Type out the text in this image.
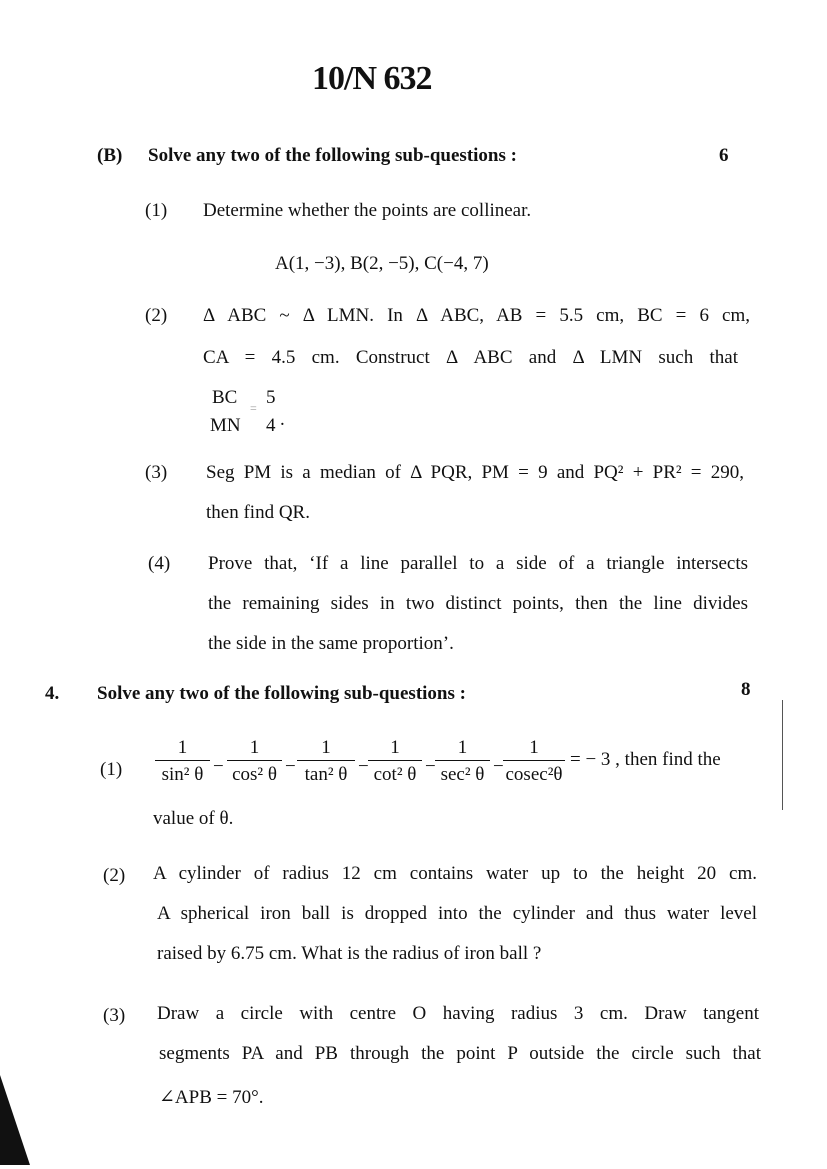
10/N 632
(B) Solve any two of the following sub-questions :	6
(1) Determine whether the points are collinear.
A(1, −3), B(2, −5), C(−4, 7)
(2) Δ ABC ~ Δ LMN. In Δ ABC, AB = 5.5 cm, BC = 6 cm,
CA = 4.5 cm. Construct Δ ABC and Δ LMN such that
BC
MN
= 5
4 .
(3) Seg PM is a median of Δ PQR, PM = 9 and PQ² + PR² = 290,
then find QR.
(4) Prove that, ‘If a line parallel to a side of a triangle intersects
the remaining sides in two distinct points, then the line divides
the side in the same proportion’.
4. Solve any two of the following sub-questions :	8
$(1) \frac{1}{\text{sin² θ}} - \frac{1}{\text{cos² θ}} - \frac{1}{\text{tan² θ}} - \frac{1}{\text{cot² θ}}$ −
1
sec² $\theta - \frac{1}{\text{cosec²θ}}$ = − 3 , then find the
value of θ.
(2) A cylinder of radius 12 cm contains water up to the height 20 cm.
A spherical iron ball is dropped into the cylinder and thus water level
raised by 6.75 cm. What is the radius of iron ball ?
(3) Draw a circle with centre O having radius 3 cm. Draw tangent
segments PA and PB through the point P outside the circle such that
∠APB = 70°.
